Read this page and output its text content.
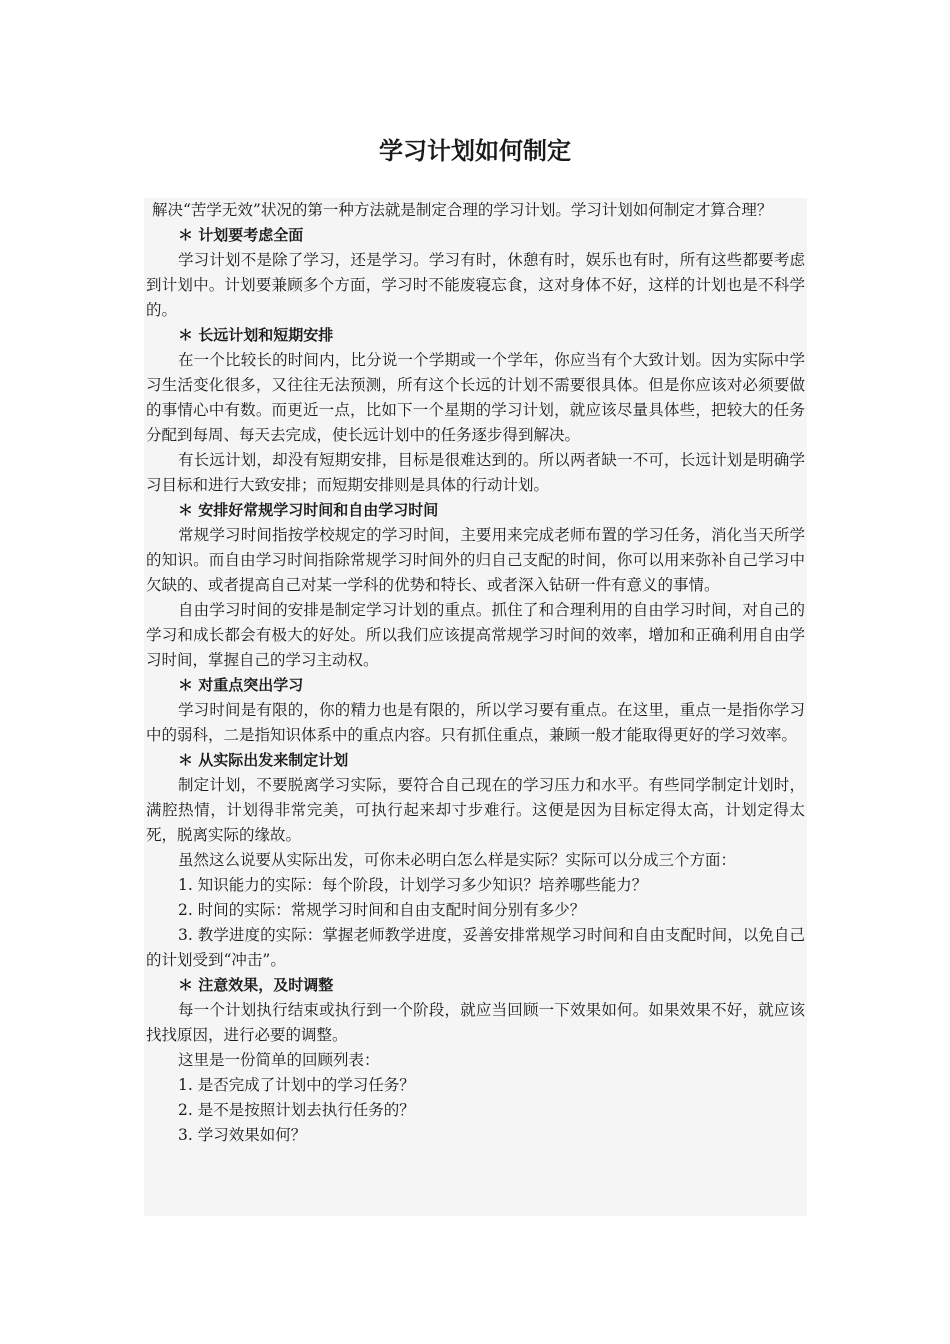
学习计划如何制定

解决“苦学无效”状况的第一种方法就是制定合理的学习计划。学习计划如何制定才算合理？

＊ 计划要考虑全面

学习计划不是除了学习，还是学习。学习有时，休憩有时，娱乐也有时，所有这些都要考虑到计划中。计划要兼顾多个方面，学习时不能废寝忘食，这对身体不好，这样的计划也是不科学的。

＊ 长远计划和短期安排

在一个比较长的时间内，比分说一个学期或一个学年，你应当有个大致计划。因为实际中学习生活变化很多，又往往无法预测，所有这个长远的计划不需要很具体。但是你应该对必须要做的事情心中有数。而更近一点，比如下一个星期的学习计划，就应该尽量具体些，把较大的任务分配到每周、每天去完成，使长远计划中的任务逐步得到解决。

有长远计划，却没有短期安排，目标是很难达到的。所以两者缺一不可，长远计划是明确学习目标和进行大致安排；而短期安排则是具体的行动计划。

＊ 安排好常规学习时间和自由学习时间

常规学习时间指按学校规定的学习时间，主要用来完成老师布置的学习任务，消化当天所学的知识。而自由学习时间指除常规学习时间外的归自己支配的时间，你可以用来弥补自己学习中欠缺的、或者提高自己对某一学科的优势和特长、或者深入钻研一件有意义的事情。

自由学习时间的安排是制定学习计划的重点。抓住了和合理利用的自由学习时间，对自己的学习和成长都会有极大的好处。所以我们应该提高常规学习时间的效率，增加和正确利用自由学习时间，掌握自己的学习主动权。

＊ 对重点突出学习

学习时间是有限的，你的精力也是有限的，所以学习要有重点。在这里，重点一是指你学习中的弱科，二是指知识体系中的重点内容。只有抓住重点，兼顾一般才能取得更好的学习效率。

＊ 从实际出发来制定计划

制定计划，不要脱离学习实际，要符合自己现在的学习压力和水平。有些同学制定计划时，满腔热情，计划得非常完美，可执行起来却寸步难行。这便是因为目标定得太高，计划定得太死，脱离实际的缘故。

虽然这么说要从实际出发，可你未必明白怎么样是实际？实际可以分成三个方面：

1. 知识能力的实际：每个阶段，计划学习多少知识？培养哪些能力？

2. 时间的实际：常规学习时间和自由支配时间分别有多少？

3. 教学进度的实际：掌握老师教学进度，妥善安排常规学习时间和自由支配时间，以免自己的计划受到“冲击”。

＊ 注意效果，及时调整

每一个计划执行结束或执行到一个阶段，就应当回顾一下效果如何。如果效果不好，就应该找找原因，进行必要的调整。

这里是一份简单的回顾列表：

1. 是否完成了计划中的学习任务？

2. 是不是按照计划去执行任务的？

3. 学习效果如何？
